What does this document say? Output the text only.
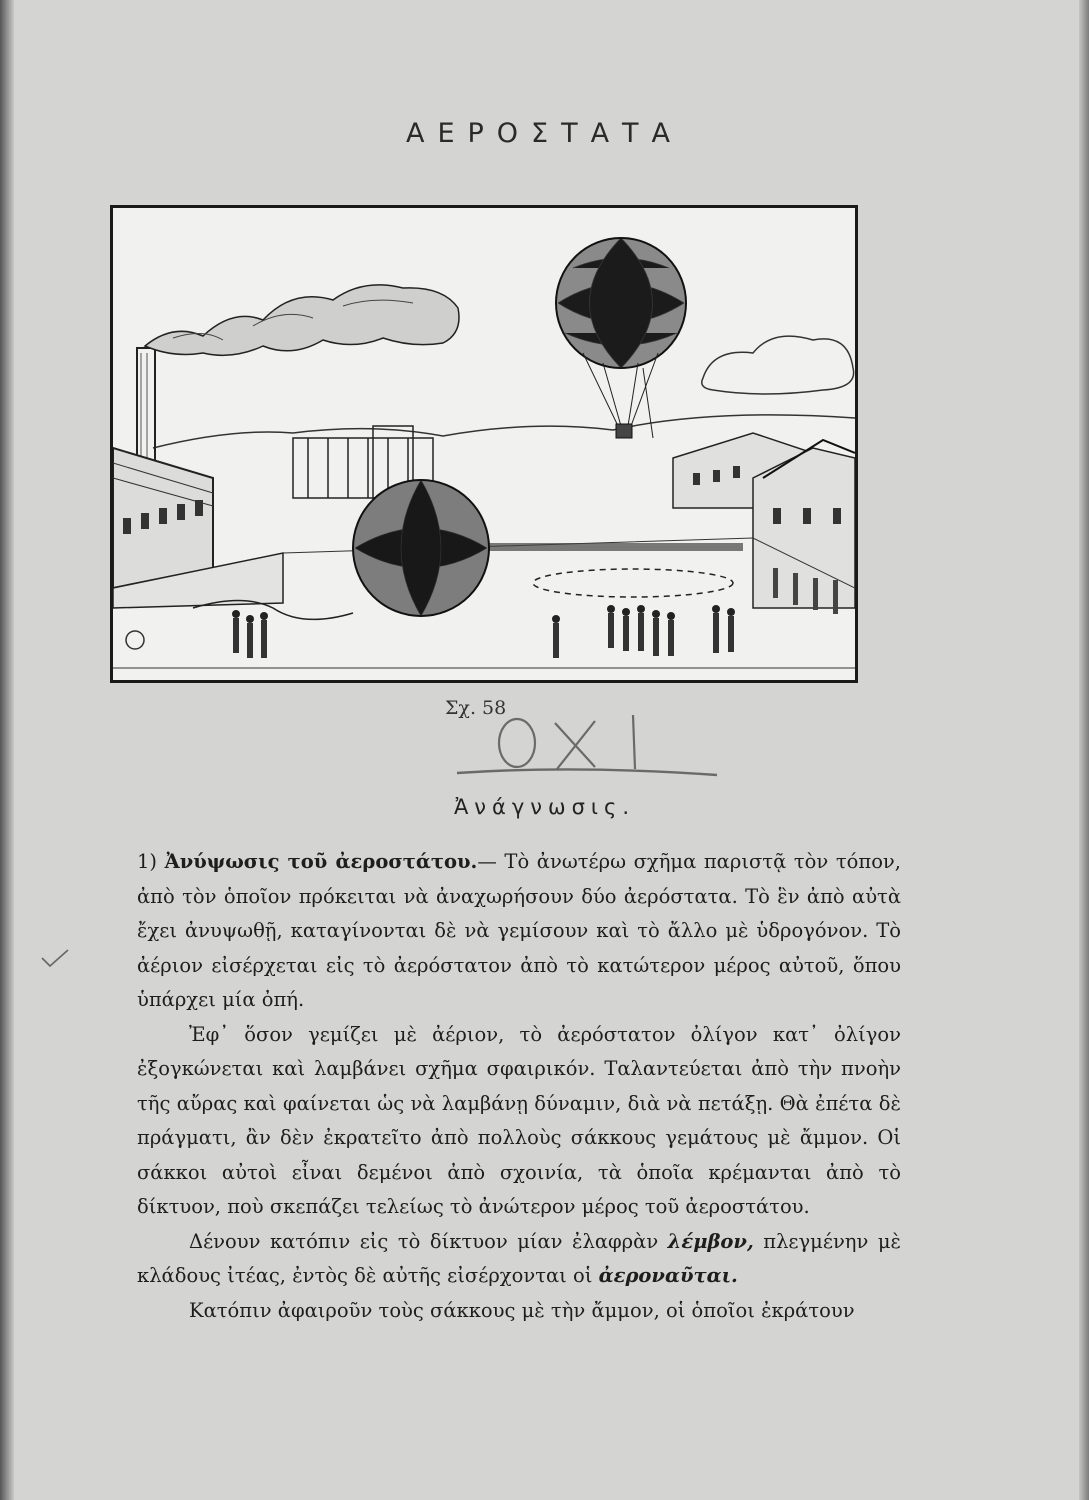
ΑΕΡΟΣΤΑΤΑ
Σχ. 58
Ἀνάγνωσις.

1) Ἀνύψωσις τοῦ ἀεροστάτου.— Τὸ ἀνωτέρω σχῆμα παριστᾷ τὸν τόπον, ἀπὸ τὸν ὁποῖον πρόκειται νὰ ἀναχωρήσουν δύο ἀερόστατα. Τὸ ἓν ἀπὸ αὐτὰ ἔχει ἀνυψωθῇ, καταγίνονται δὲ νὰ γεμίσουν καὶ τὸ ἄλλο μὲ ὑδρογόνον. Τὸ ἀέριον εἰσέρχεται εἰς τὸ ἀερόστατον ἀπὸ τὸ κατώτερον μέρος αὐτοῦ, ὅπου ὑπάρχει μία ὀπή.

Ἐφ᾽ ὅσον γεμίζει μὲ ἀέριον, τὸ ἀερόστατον ὀλίγον κατ᾽ ὀλίγον ἐξογκώνεται καὶ λαμβάνει σχῆμα σφαιρικόν. Ταλαντεύεται ἀπὸ τὴν πνοὴν τῆς αὔρας καὶ φαίνεται ὡς νὰ λαμβάνῃ δύναμιν, διὰ νὰ πετάξῃ. Θὰ ἐπέτα δὲ πράγματι, ἂν δὲν ἐκρατεῖτο ἀπὸ πολλοὺς σάκκους γεμάτους μὲ ἄμμον. Οἱ σάκκοι αὐτοὶ εἶναι δεμένοι ἀπὸ σχοινία, τὰ ὁποῖα κρέμανται ἀπὸ τὸ δίκτυον, ποὺ σκεπάζει τελείως τὸ ἀνώτερον μέρος τοῦ ἀεροστάτου.

Δένουν κατόπιν εἰς τὸ δίκτυον μίαν ἐλαφρὰν λέμβον, πλεγμένην μὲ κλάδους ἰτέας, ἐντὸς δὲ αὐτῆς εἰσέρχονται οἱ ἀεροναῦται.

Κατόπιν ἀφαιροῦν τοὺς σάκκους μὲ τὴν ἄμμον, οἱ ὁποῖοι ἐκράτουν
